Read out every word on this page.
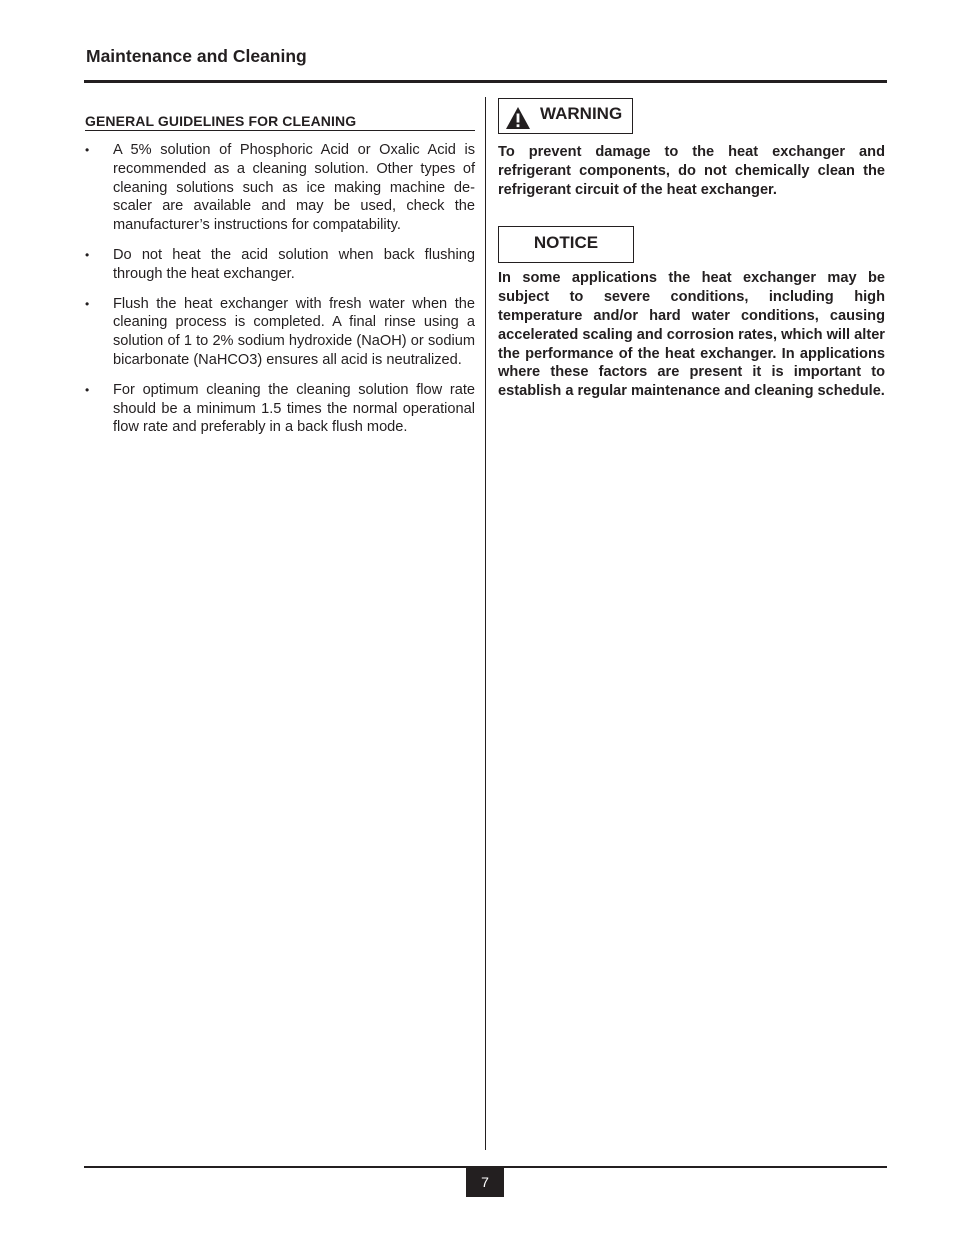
Maintenance and Cleaning
GENERAL GUIDELINES FOR CLEANING
• A 5% solution of Phosphoric Acid or Oxalic Acid is recommended as a cleaning solution. Other types of cleaning solutions such as ice making machine de-scaler are available and may be used, check the manufacturer’s instructions for compatability.
• Do not heat the acid solution when back flushing through the heat exchanger.
• Flush the heat exchanger with fresh water when the cleaning process is completed. A final rinse using a solution of 1 to 2% sodium hydroxide (NaOH) or sodium bicarbonate (NaHCO3) ensures all acid is neutralized.
• For optimum cleaning the cleaning solution flow rate should be a minimum 1.5 times the normal operational flow rate and preferably in a back flush mode.
WARNING

To prevent damage to the heat exchanger and refrigerant components, do not chemically clean the refrigerant circuit of the heat exchanger.

NOTICE

In some applications the heat exchanger may be subject to severe conditions, including high temperature and/or hard water conditions, causing accelerated scaling and corrosion rates, which will alter the performance of the heat exchanger. In applications where these factors are present it is important to establish a regular maintenance and cleaning schedule.

7
